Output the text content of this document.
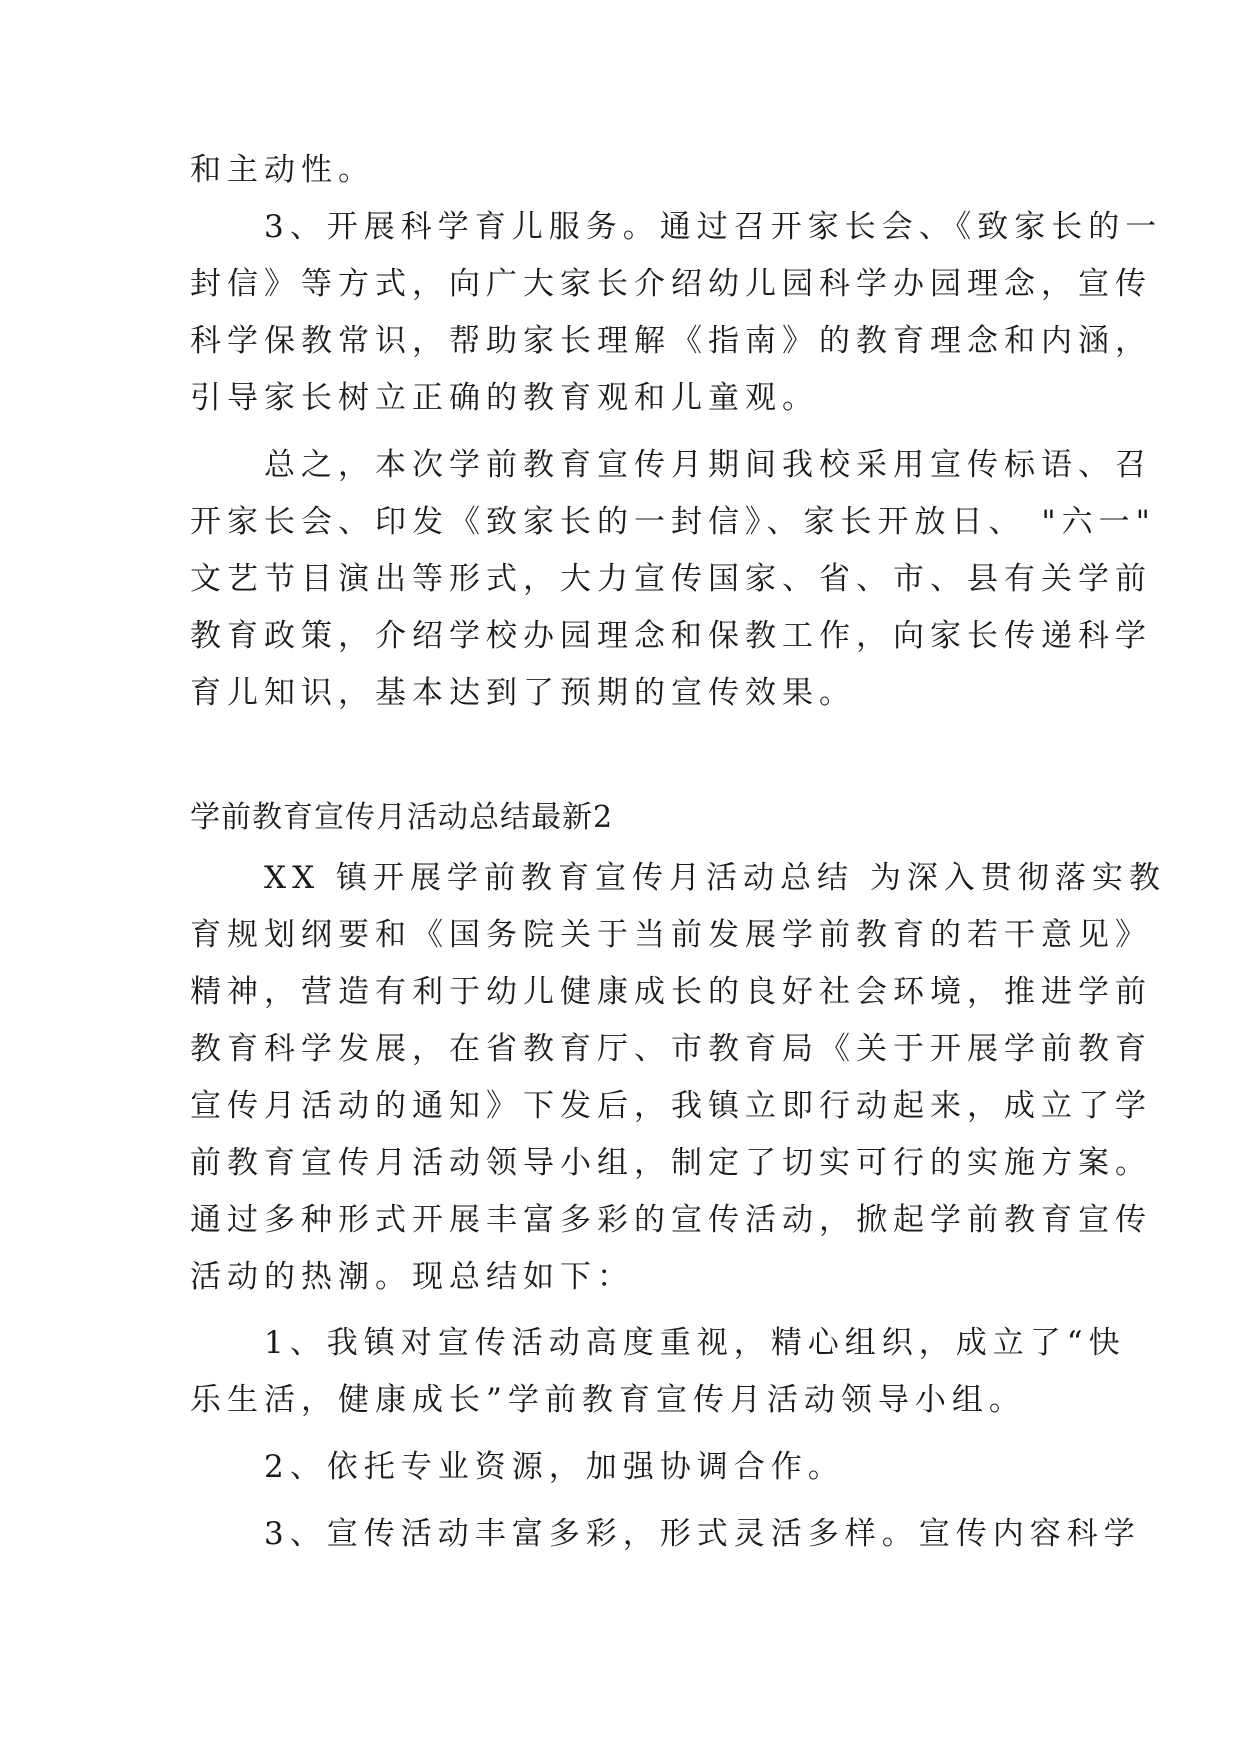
和主动性。
　　3、开展科学育儿服务。通过召开家长会、《致家长的一
封信》等方式，向广大家长介绍幼儿园科学办园理念，宣传
科学保教常识，帮助家长理解《指南》的教育理念和内涵，
引导家长树立正确的教育观和儿童观。
　　总之，本次学前教育宣传月期间我校采用宣传标语、召
开家长会、印发《致家长的一封信》、家长开放日、 "六一"
文艺节目演出等形式，大力宣传国家、省、市、县有关学前
教育政策，介绍学校办园理念和保教工作，向家长传递科学
育儿知识，基本达到了预期的宣传效果。
学前教育宣传月活动总结最新2
　　XX 镇开展学前教育宣传月活动总结 为深入贯彻落实教
育规划纲要和《国务院关于当前发展学前教育的若干意见》
精神，营造有利于幼儿健康成长的良好社会环境，推进学前
教育科学发展，在省教育厅、市教育局《关于开展学前教育
宣传月活动的通知》下发后，我镇立即行动起来，成立了学
前教育宣传月活动领导小组，制定了切实可行的实施方案。
通过多种形式开展丰富多彩的宣传活动，掀起学前教育宣传
活动的热潮。现总结如下：
　　1、我镇对宣传活动高度重视，精心组织，成立了“快
乐生活，健康成长”学前教育宣传月活动领导小组。
　　2、依托专业资源，加强协调合作。
　　3、宣传活动丰富多彩，形式灵活多样。宣传内容科学
